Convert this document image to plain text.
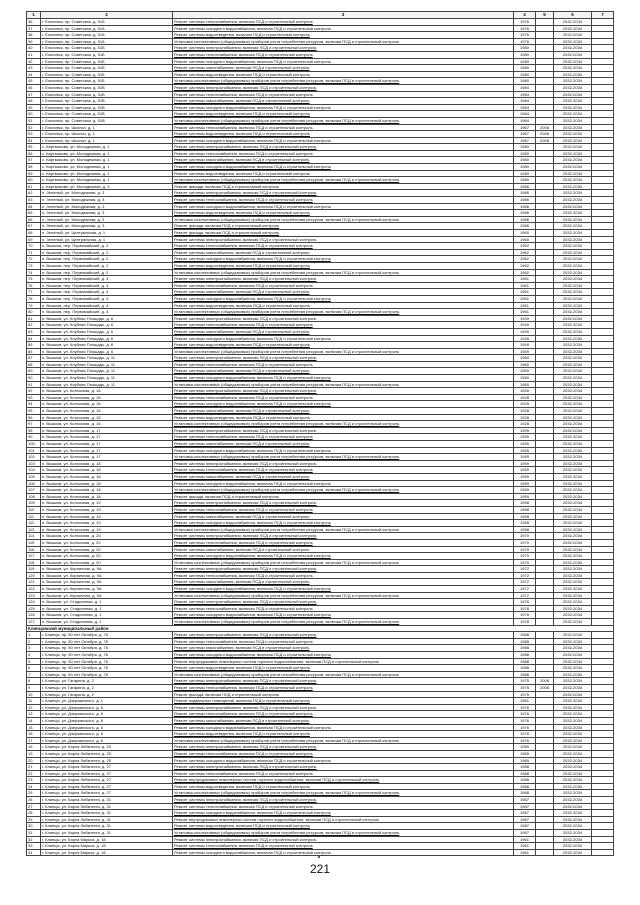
1	2	3	4	5	6	7
36	г. Ельнинск, пр. Советская, д. 51А	Ремонт системы теплоснабжения, включая ПСД и строительный контроль	1976		2032-2034	
37	г. Ельнинск, пр. Советская, д. 51А	Ремонт системы холодного водоснабжения, включая ПСД и строительный контроль	1976		2032-2034	
38	г. Ельнинск, пр. Советская, д. 51А	Ремонт системы водоотведения, включая ПСД и строительный контроль	1976		2032-2034	
39	г. Ельнинск, пр. Советская, д. 51А	Установка коллективных (общедомовых) приборов учета потребления ресурсов, включая ПСД и строительный контроль	1976		2032-2034	
40	г. Ельнинск, пр. Советская, д. 51Б	Ремонт системы электроснабжения, включая ПСД и строительный контроль	1980		2032-2034	
41	г. Ельнинск, пр. Советская, д. 51Б	Ремонт системы теплоснабжения, включая ПСД и строительный контроль	1980		2032-2034	
42	г. Ельнинск, пр. Советская, д. 51Б	Ремонт системы холодного водоснабжения, включая ПСД и строительный контроль	1980		2032-2034	
43	г. Ельнинск, пр. Советская, д. 51Б	Ремонт системы газоснабжения, включая ПСД и строительный контроль	1980		2032-2034	
44	г. Ельнинск, пр. Советская, д. 51Б	Ремонт системы водоотведения, включая ПСД и строительный контроль	1980		2032-2034	
45	г. Ельнинск, пр. Советская, д. 51Б	Установка коллективных (общедомовых) приборов учета потребления ресурсов, включая ПСД и строительный контроль	1980		2032-2034	
46	г. Ельнинск, пр. Советская, д. 51В	Ремонт системы электроснабжения, включая ПСД и строительный контроль	1984		2032-2034	
47	г. Ельнинск, пр. Советская, д. 51В	Ремонт системы теплоснабжения, включая ПСД и строительный контроль	1984		2032-2034	
48	г. Ельнинск, пр. Советская, д. 51В	Ремонт системы газоснабжения, включая ПСД и строительный контроль	1984		2032-2034	
49	г. Ельнинск, пр. Советская, д. 51В	Ремонт системы холодного водоснабжения, включая ПСД и строительный контроль	1984		2032-2034	
50	г. Ельнинск, пр. Советская, д. 51В	Ремонт системы водоотведения, включая ПСД и строительный контроль	1984		2032-2034	
51	г. Ельнинск, пр. Советская, д. 51В	Установка коллективных (общедомовых) приборов учета потребления ресурсов, включая ПСД и строительный контроль	1984		2032-2034	
52	г. Ельнинск, пр. Школьн, д. 1	Ремонт системы теплоснабжения, включая ПСД и строительный контроль	1967	2008	2032-2034	
53	г. Ельнинск, пр. Школьн, д. 1	Ремонт системы водоотведения, включая ПСД и строительный контроль	1967	2008	2032-2034	
54	г. Ельнинск, пр. Школьн, д. 1	Ремонт системы холодного водоснабжения, включая ПСД и строительный контроль	1967	2008	2032-2034	
55	с. Картмазово, ул. Молодежная, д. 1	Ремонт системы электроснабжения, включая ПСД и строительный контроль	1980		2032-2034	
56	с. Картмазово, ул. Молодежная, д. 1	Ремонт системы теплоснабжения, включая ПСД и строительный контроль	1980		2032-2034	
57	с. Картмазово, ул. Молодежная, д. 1	Ремонт системы газоснабжения, включая ПСД и строительный контроль	1980		2032-2034	
58	с. Картмазово, ул. Молодежная, д. 1	Ремонт системы холодного водоснабжения, включая ПСД и строительный контроль	1980		2032-2034	
59	с. Картмазово, ул. Молодежная, д. 1	Ремонт системы водоотведения, включая ПСД и строительный контроль	1980		2032-2034	
60	с. Картмазово, ул. Молодежная, д. 1	Установка коллективных (общедомовых) приборов учета потребления ресурсов, включая ПСД и строительный контроль	1980		2032-2034	
61	с. Картмазово, ул. Молодежная, д. 3	Ремонт фасада, включая ПСД и строительный контроль	1986		2032-2034	
62	п. Зеленый, ул. Молодежная, д. 3	Ремонт системы электроснабжения, включая ПСД и строительный контроль	1986		2032-2034	
63	п. Зеленый, ул. Молодежная, д. 3	Ремонт системы теплоснабжения, включая ПСД и строительный контроль	1986		2032-2034	
64	п. Зеленый, ул. Молодежная, д. 3	Ремонт системы холодного водоснабжения, включая ПСД и строительный контроль	1986		2032-2034	
65	п. Зеленый, ул. Молодежная, д. 3	Ремонт системы водоотведения, включая ПСД и строительный контроль	1986		2032-2034	
66	п. Зеленый, ул. Молодежная, д. 3	Установка коллективных (общедомовых) приборов учета потребления ресурсов, включая ПСД и строительный контроль	1986		2032-2034	
67	п. Зеленый, ул. Молодежная, д. 3	Ремонт фасада, включая ПСД и строительный контроль	1986		2032-2034	
68	п. Зеленый, ул. Центральная, д. 1	Ремонт фасада, включая ПСД и строительный контроль	1960		2032-2034	
69	п. Зеленый, ул. Центральная, д. 1	Ремонт системы электроснабжения, включая ПСД и строительный контроль	1960		2032-2034	
70	п. Вышков, пер. Первомайский, д. 2	Ремонт системы теплоснабжения, включая ПСД и строительный контроль	1962		2032-2034	
71	п. Вышков, пер. Первомайский, д. 2	Ремонт системы газоснабжения, включая ПСД и строительный контроль	1962		2032-2034	
72	п. Вышков, пер. Первомайский, д. 2	Ремонт системы холодного водоснабжения, включая ПСД и строительный контроль	1962		2032-2034	
73	п. Вышков, пер. Первомайский, д. 2	Ремонт системы водоотведения, включая ПСД и строительный контроль	1962		2032-2034	
74	п. Вышков, пер. Первомайский, д. 2	Установка коллективных (общедомовых) приборов учета потребления ресурсов, включая ПСД и строительный контроль	1962		2032-2034	
75	п. Вышков, пер. Первомайский, д. 4	Ремонт системы электроснабжения, включая ПСД и строительный контроль	1961		2032-2034	
76	п. Вышков, пер. Первомайский, д. 4	Ремонт системы теплоснабжения, включая ПСД и строительный контроль	1961		2032-2034	
77	п. Вышков, пер. Первомайский, д. 4	Ремонт системы газоснабжения, включая ПСД и строительный контроль	1961		2032-2034	
78	п. Вышков, пер. Первомайский, д. 4	Ремонт системы холодного водоснабжения, включая ПСД и строительный контроль	1961		2032-2034	
79	п. Вышков, пер. Первомайский, д. 4	Ремонт системы водоотведения, включая ПСД и строительный контроль	1961		2032-2034	
80	п. Вышков, пер. Первомайский, д. 4	Установка коллективных (общедомовых) приборов учета потребления ресурсов, включая ПСД и строительный контроль	1961		2032-2034	
81	п. Вышков, ул. Клубная Площадь, д. 6	Ремонт системы электроснабжения, включая ПСД и строительный контроль	1949		2032-2034	
82	п. Вышков, ул. Клубная Площадь, д. 6	Ремонт системы теплоснабжения, включая ПСД и строительный контроль	1949		2032-2034	
83	п. Вышков, ул. Клубная Площадь, д. 6	Ремонт системы газоснабжения, включая ПСД и строительный контроль	1949		2032-2034	
84	п. Вышков, ул. Клубная Площадь, д. 6	Ремонт системы холодного водоснабжения, включая ПСД и строительный контроль	1949		2032-2034	
85	п. Вышков, ул. Клубная Площадь, д. 6	Ремонт системы водоотведения, включая ПСД и строительный контроль	1949		2032-2034	
86	п. Вышков, ул. Клубная Площадь, д. 6	Установка коллективных (общедомовых) приборов учета потребления ресурсов, включая ПСД и строительный контроль	1949		2032-2034	
87	п. Вышков, ул. Клубная Площадь, д. 11	Ремонт системы электроснабжения, включая ПСД и строительный контроль	1960		2032-2034	
88	п. Вышков, ул. Клубная Площадь, д. 11	Ремонт системы теплоснабжения, включая ПСД и строительный контроль	1960		2032-2034	
89	п. Вышков, ул. Клубная Площадь, д. 11	Ремонт системы газоснабжения, включая ПСД и строительный контроль	1960		2032-2034	
90	п. Вышков, ул. Клубная Площадь, д. 11	Ремонт системы холодного водоснабжения, включая ПСД и строительный контроль	1960		2032-2034	
91	п. Вышков, ул. Клубная Площадь, д. 11	Установка коллективных (общедомовых) приборов учета потребления ресурсов, включая ПСД и строительный контроль	1960		2032-2034	
92	п. Вышков, ул. Колхозная, д. 16	Ремонт системы электроснабжения, включая ПСД и строительный контроль	1928		2032-2034	
93	п. Вышков, ул. Колхозная, д. 16	Ремонт системы теплоснабжения, включая ПСД и строительный контроль	1928		2032-2034	
94	п. Вышков, ул. Колхозная, д. 16	Ремонт системы холодного водоснабжения, включая ПСД и строительный контроль	1928		2032-2034	
95	п. Вышков, ул. Колхозная, д. 16	Ремонт системы газоснабжения, включая ПСД и строительный контроль	1928		2032-2034	
96	п. Вышков, ул. Колхозная, д. 16	Ремонт системы водоотведения, включая ПСД и строительный контроль	1928		2032-2034	
97	п. Вышков, ул. Колхозная, д. 16	Установка коллективных (общедомовых) приборов учета потребления ресурсов, включая ПСД и строительный контроль	1928		2032-2034	
98	п. Вышков, ул. Колхозная, д. 17	Ремонт системы электроснабжения, включая ПСД и строительный контроль	1955		2032-2034	
99	п. Вышков, ул. Колхозная, д. 17	Ремонт системы теплоснабжения, включая ПСД и строительный контроль	1955		2032-2034	
100	п. Вышков, ул. Колхозная, д. 17	Ремонт системы газоснабжения, включая ПСД и строительный контроль	1955		2032-2034	
101	п. Вышков, ул. Колхозная, д. 17	Ремонт системы холодного водоснабжения, включая ПСД и строительный контроль	1955		2032-2034	
102	п. Вышков, ул. Колхозная, д. 17	Установка коллективных (общедомовых) приборов учета потребления ресурсов, включая ПСД и строительный контроль	1955		2032-2034	
103	п. Вышков, ул. Колхозная, д. 18	Ремонт системы электроснабжения, включая ПСД и строительный контроль	1959		2032-2034	
104	п. Вышков, ул. Колхозная, д. 18	Ремонт системы теплоснабжения, включая ПСД и строительный контроль	1959		2032-2034	
105	п. Вышков, ул. Колхозная, д. 18	Ремонт системы газоснабжения, включая ПСД и строительный контроль	1959		2032-2034	
106	п. Вышков, ул. Колхозная, д. 18	Ремонт системы холодного водоснабжения, включая ПСД и строительный контроль	1959		2032-2034	
107	п. Вышков, ул. Колхозная, д. 18	Установка коллективных (общедомовых) приборов учета потребления ресурсов, включая ПСД и строительный контроль	1959		2032-2034	
108	п. Вышков, ул. Колхозная, д. 18	Ремонт фасада, включая ПСД и строительный контроль	1959		2032-2034	
109	п. Вышков, ул. Колхозная, д. 19	Ремонт системы электроснабжения, включая ПСД и строительный контроль	1958		2032-2034	
110	п. Вышков, ул. Колхозная, д. 19	Ремонт системы теплоснабжения, включая ПСД и строительный контроль	1958		2032-2034	
111	п. Вышков, ул. Колхозная, д. 19	Ремонт системы газоснабжения, включая ПСД и строительный контроль	1958		2032-2034	
112	п. Вышков, ул. Колхозная, д. 19	Ремонт системы холодного водоснабжения, включая ПСД и строительный контроль	1958		2032-2034	
113	п. Вышков, ул. Колхозная, д. 19	Установка коллективных (общедомовых) приборов учета потребления ресурсов, включая ПСД и строительный контроль	1958		2032-2034	
114	п. Вышков, ул. Колхозная, д. 20	Ремонт системы электроснабжения, включая ПСД и строительный контроль	1970		2032-2034	
115	п. Вышков, ул. Колхозная, д. 20	Ремонт системы теплоснабжения, включая ПСД и строительный контроль	1970		2032-2034	
116	п. Вышков, ул. Колхозная, д. 20	Ремонт системы газоснабжения, включая ПСД и строительный контроль	1970		2032-2034	
117	п. Вышков, ул. Колхозная, д. 20	Ремонт системы холодного водоснабжения, включая ПСД и строительный контроль	1970		2032-2034	
118	п. Вышков, ул. Колхозная, д. 20	Установка коллективных (общедомовых) приборов учета потребления ресурсов, включая ПСД и строительный контроль	1970		2032-2034	
119	п. Вышков, ул. Кирпичная, д. 9А	Ремонт системы электроснабжения, включая ПСД и строительный контроль	1972		2032-2034	
120	п. Вышков, ул. Кирпичная, д. 9А	Ремонт системы теплоснабжения, включая ПСД и строительный контроль	1972		2032-2034	
121	п. Вышков, ул. Кирпичная, д. 9А	Ремонт системы газоснабжения, включая ПСД и строительный контроль	1972		2032-2034	
122	п. Вышков, ул. Кирпичная, д. 9А	Ремонт системы холодного водоснабжения, включая ПСД и строительный контроль	1972		2032-2034	
123	п. Вышков, ул. Кирпичная, д. 9А	Установка коллективных (общедомовых) приборов учета потребления ресурсов, включая ПСД и строительный контроль	1972		2032-2034	
124	п. Вышков, ул. Стадионная, д. 1	Ремонт системы электроснабжения, включая ПСД и строительный контроль	1978		2032-2034	
125	п. Вышков, ул. Стадионная, д. 1	Ремонт системы теплоснабжения, включая ПСД и строительный контроль	1978		2032-2034	
126	п. Вышков, ул. Стадионная, д. 1	Ремонт системы холодного водоснабжения, включая ПСД и строительный контроль	1978		2032-2034	
127	п. Вышков, ул. Стадионная, д. 1	Установка коллективных (общедомовых) приборов учета потребления ресурсов, включая ПСД и строительный контроль	1978		2032-2034	
Клинцовский муниципальный район						
1	г. Клинцы, пр. 50 лет Октября, д. 76	Ремонт системы электроснабжения, включая ПСД и строительный контроль	1988		2032-2034	
2	г. Клинцы, пр. 50 лет Октября, д. 76	Ремонт системы теплоснабжения, включая ПСД и строительный контроль	1988		2032-2034	
3	г. Клинцы, пр. 50 лет Октября, д. 76	Ремонт системы газоснабжения, включая ПСД и строительный контроль	1988		2032-2034	
4	г. Клинцы, пр. 50 лет Октября, д. 76	Ремонт системы холодного водоснабжения, включая ПСД и строительный контроль	1988		2032-2034	
5	г. Клинцы, пр. 50 лет Октября, д. 76	Ремонт внутридомовых инженерных систем горячего водоснабжения, включая ПСД и строительный контроль	1988		2032-2034	
6	г. Клинцы, пр. 50 лет Октября, д. 76	Ремонт системы водоотведения, включая ПСД и строительный контроль	1988		2032-2034	
7	г. Клинцы, пр. 50 лет Октября, д. 76	Установка коллективных (общедомовых) приборов учета потребления ресурсов, включая ПСД и строительный контроль	1988		2032-2034	
8	г. Клинцы, ул. Гагарина, д. 2	Ремонт системы электроснабжения, включая ПСД и строительный контроль	1975	2008	2032-2034	
9	г. Клинцы, ул. Гагарина, д. 2	Ремонт системы теплоснабжения, включая ПСД и строительный контроль	1975	2008	2032-2034	
10	г. Клинцы, ул. Гагарина, д. 2	Ремонт фасада, включая ПСД и строительный контроль	1975		2032-2034	
11	г. Клинцы, ул. Дзержинского, д. 1	Ремонт подвальных помещений, включая ПСД и строительный контроль	1961		2032-2034	
12	г. Клинцы, ул. Дзержинского, д. 6	Ремонт системы электроснабжения, включая ПСД и строительный контроль	1976		2032-2034	
13	г. Клинцы, ул. Дзержинского, д. 6	Ремонт системы теплоснабжения, включая ПСД и строительный контроль	1976		2032-2034	
14	г. Клинцы, ул. Дзержинского, д. 6	Ремонт системы газоснабжения, включая ПСД и строительный контроль	1976		2032-2034	
15	г. Клинцы, ул. Дзержинского, д. 6	Ремонт системы холодного водоснабжения, включая ПСД и строительный контроль	1976		2032-2034	
16	г. Клинцы, ул. Дзержинского, д. 6	Ремонт системы водоотведения, включая ПСД и строительный контроль	1976		2032-2034	
17	г. Клинцы, ул. Дзержинского, д. 6	Установка коллективных (общедомовых) приборов учета потребления ресурсов, включая ПСД и строительный контроль	1976		2032-2034	
18	г. Клинцы, ул. Карла Либкнехта, д. 25	Ремонт системы электроснабжения, включая ПСД и строительный контроль	1989		2032-2034	
19	г. Клинцы, ул. Карла Либкнехта, д. 25	Ремонт системы теплоснабжения, включая ПСД и строительный контроль	1989		2032-2034	
20	г. Клинцы, ул. Карла Либкнехта, д. 25	Ремонт системы холодного водоснабжения, включая ПСД и строительный контроль	1989		2032-2034	
21	г. Клинцы, ул. Карла Либкнехта, д. 27	Ремонт системы электроснабжения, включая ПСД и строительный контроль	1988		2032-2034	
22	г. Клинцы, ул. Карла Либкнехта, д. 27	Ремонт системы теплоснабжения, включая ПСД и строительный контроль	1988		2032-2034	
23	г. Клинцы, ул. Карла Либкнехта, д. 27	Ремонт внутридомовых инженерных систем горячего водоснабжения, включая ПСД и строительный контроль	1988		2032-2034	
24	г. Клинцы, ул. Карла Либкнехта, д. 27	Ремонт системы водоотведения, включая ПСД и строительный контроль	1988		2032-2034	
25	г. Клинцы, ул. Карла Либкнехта, д. 27	Установка коллективных (общедомовых) приборов учета потребления ресурсов, включая ПСД и строительный контроль	1988		2032-2034	
26	г. Клинцы, ул. Карла Либкнехта, д. 31	Ремонт системы электроснабжения, включая ПСД и строительный контроль	1987		2032-2034	
27	г. Клинцы, ул. Карла Либкнехта, д. 31	Ремонт системы теплоснабжения, включая ПСД и строительный контроль	1987		2032-2034	
28	г. Клинцы, ул. Карла Либкнехта, д. 31	Ремонт системы холодного водоснабжения, включая ПСД и строительный контроль	1987		2032-2034	
29	г. Клинцы, ул. Карла Либкнехта, д. 31	Ремонт внутридомовых инженерных систем горячего водоснабжения, включая ПСД и строительный контроль	1987		2032-2034	
30	г. Клинцы, ул. Карла Либкнехта, д. 31	Ремонт системы водоотведения, включая ПСД и строительный контроль	1987		2032-2034	
31	г. Клинцы, ул. Карла Либкнехта, д. 31	Установка коллективных (общедомовых) приборов учета потребления ресурсов, включая ПСД и строительный контроль	1987		2032-2034	
32	г. Клинцы, ул. Карла Маркса, д. 18	Ремонт системы электроснабжения, включая ПСД и строительный контроль	1961		2032-2034	
33	г. Клинцы, ул. Карла Маркса, д. 18	Ремонт системы теплоснабжения, включая ПСД и строительный контроль	1961		2032-2034	
34	г. Клинцы, ул. Карла Маркса, д. 18	Ремонт системы холодного водоснабжения, включая ПСД и строительный контроль	1961		2032-2034	
221
